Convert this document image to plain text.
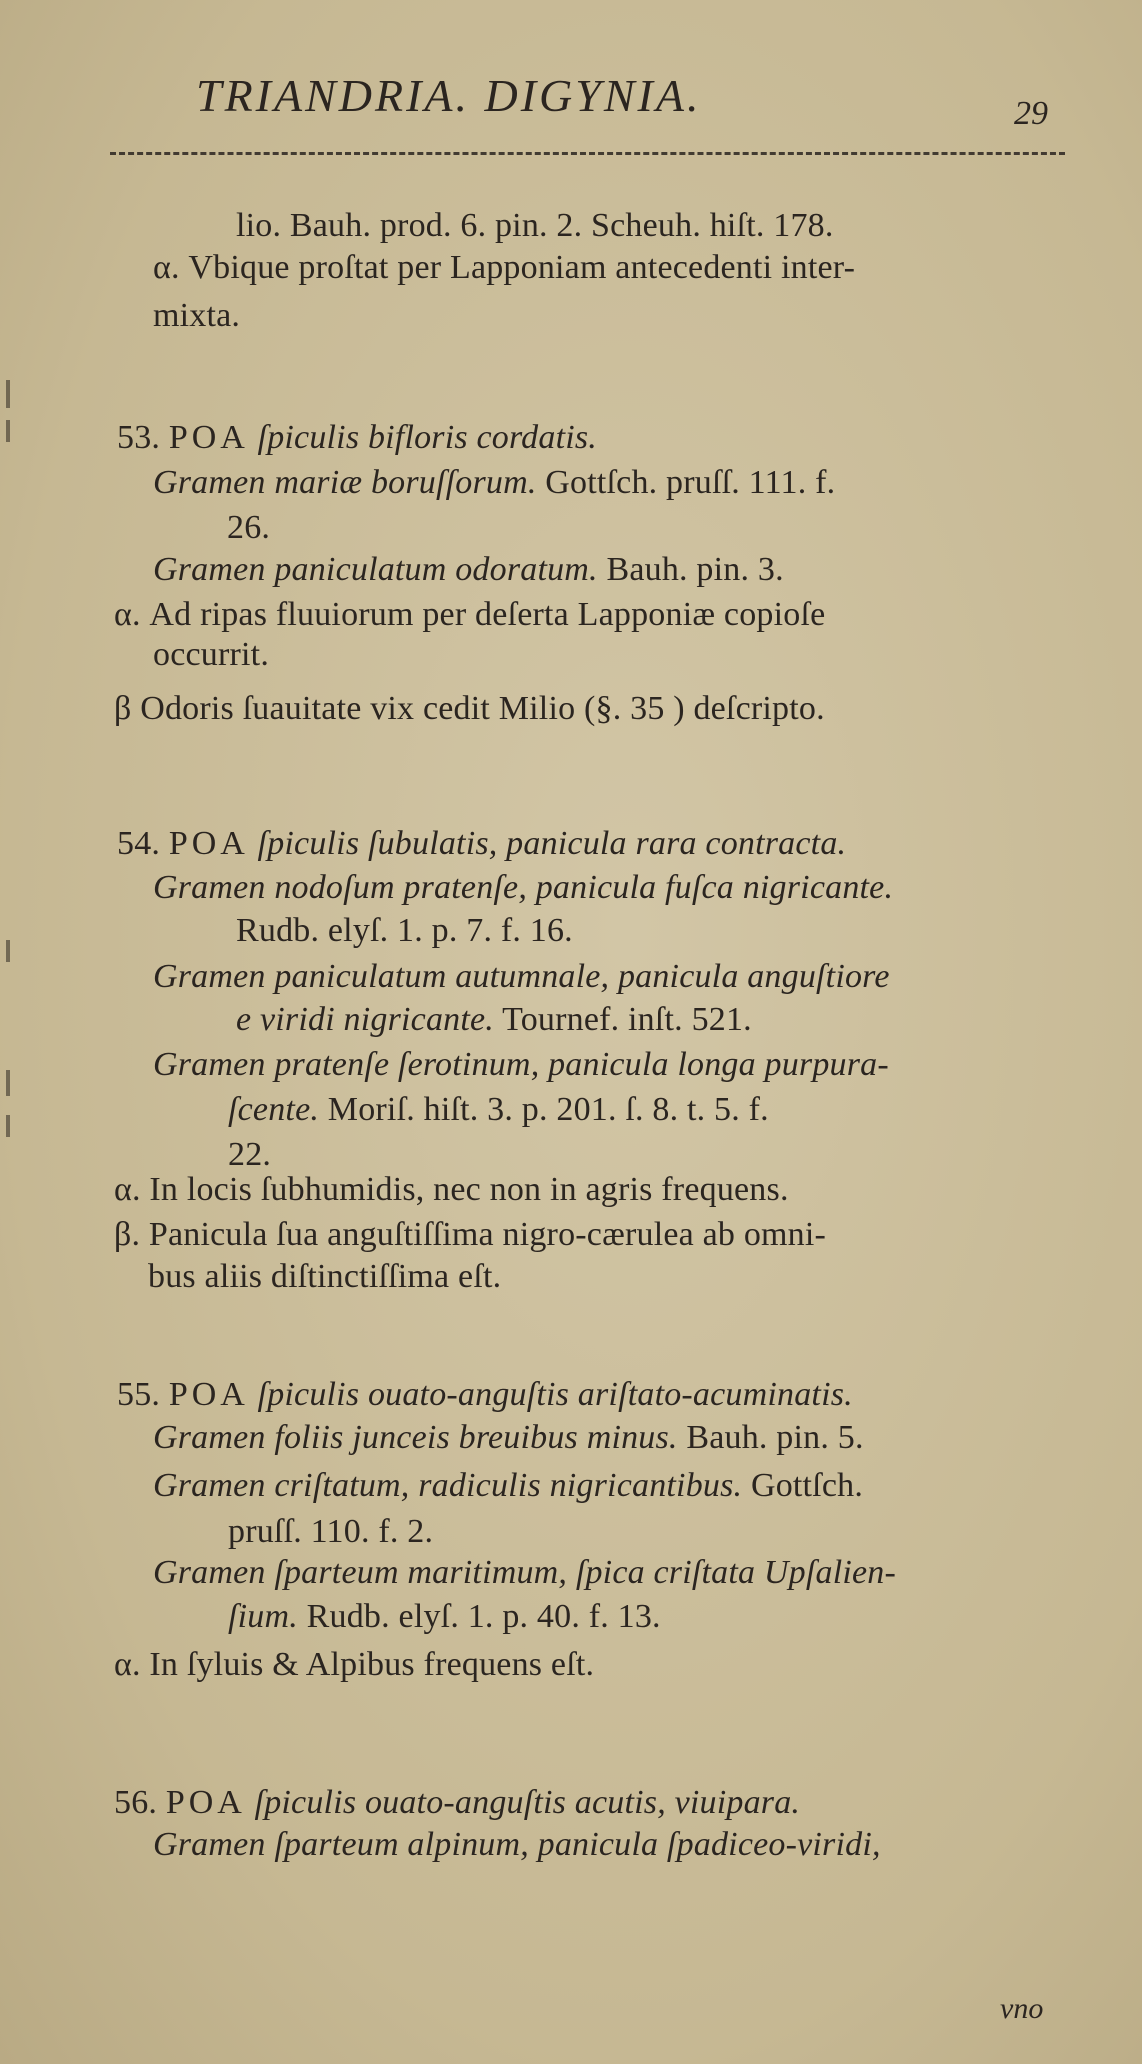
TRIANDRIA. DIGYNIA.	29
lio. Bauh. prod. 6. pin. 2. Scheuh. hiſt. 178.
α. Vbique proſtat per Lapponiam antecedenti inter-
mixta.
53. POA ſpiculis bifloris cordatis.
Gramen mariæ boruſſorum. Gottſch. pruſſ. 111. f.
26.
Gramen paniculatum odoratum. Bauh. pin. 3.
α. Ad ripas fluuiorum per deſerta Lapponiæ copioſe
occurrit.
β Odoris ſuauitate vix cedit Milio (§. 35 ) deſcripto.
54. POA ſpiculis ſubulatis, panicula rara contracta.
Gramen nodoſum pratenſe, panicula fuſca nigricante.
Rudb. elyſ. 1. p. 7. f. 16.
Gramen paniculatum autumnale, panicula anguſtiore
e viridi nigricante. Tournef. inſt. 521.
Gramen pratenſe ſerotinum, panicula longa purpura-
ſcente. Moriſ. hiſt. 3. p. 201. ſ. 8. t. 5. f.
22.
α. In locis ſubhumidis, nec non in agris frequens.
β. Panicula ſua anguſtiſſima nigro-cærulea ab omni-
bus aliis diſtinctiſſima eſt.
55. POA ſpiculis ouato-anguſtis ariſtato-acuminatis.
Gramen foliis junceis breuibus minus. Bauh. pin. 5.
Gramen criſtatum, radiculis nigricantibus. Gottſch.
pruſſ. 110. f. 2.
Gramen ſparteum maritimum, ſpica criſtata Upſalien-
ſium. Rudb. elyſ. 1. p. 40. f. 13.
α. In ſyluis & Alpibus frequens eſt.
56. POA ſpiculis ouato-anguſtis acutis, viuipara.
Gramen ſparteum alpinum, panicula ſpadiceo-viridi,
vno
